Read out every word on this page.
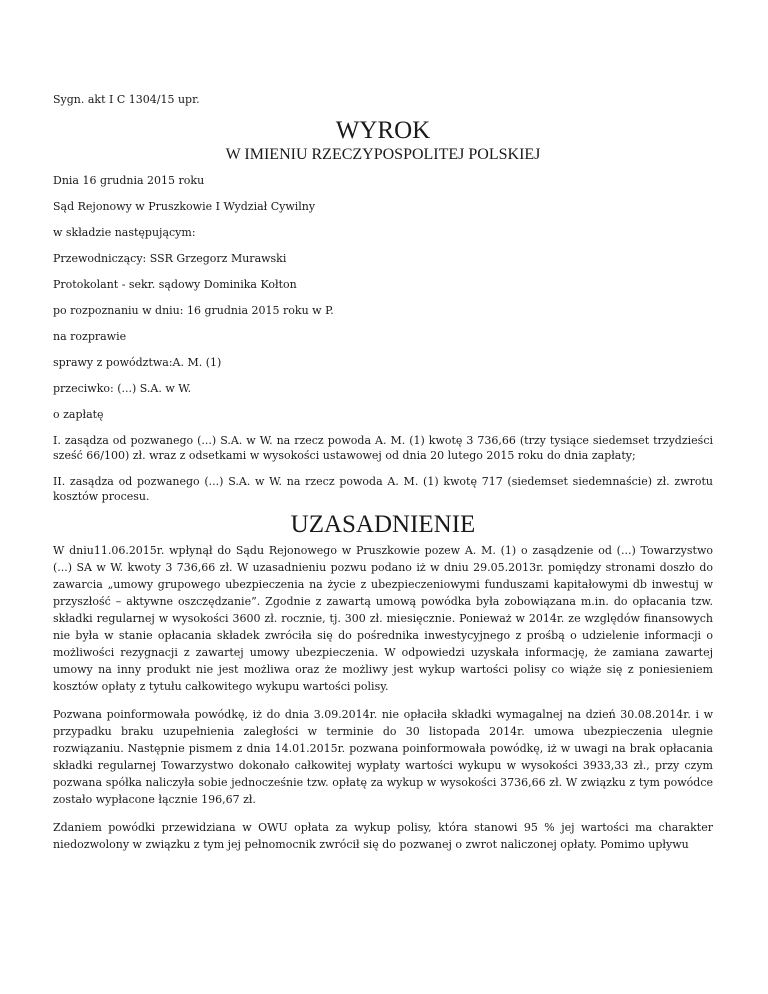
Sygn. akt I C 1304/15 upr.

WYROK
W IMIENIU RZECZYPOSPOLITEJ POLSKIEJ

Dnia 16 grudnia 2015 roku

Sąd Rejonowy w Pruszkowie I Wydział Cywilny

w składzie następującym:

Przewodniczący: SSR Grzegorz Murawski

Protokolant - sekr. sądowy Dominika Kołton

po rozpoznaniu w dniu: 16 grudnia 2015 roku w P.

na rozprawie

sprawy z powództwa:A. M. (1)

przeciwko: (...) S.A. w W.

o zapłatę

I. zasądza od pozwanego (...) S.A. w W. na rzecz powoda A. M. (1) kwotę 3 736,66 (trzy tysiące siedemset trzydzieści sześć 66/100) zł. wraz z odsetkami w wysokości ustawowej od dnia 20 lutego 2015 roku do dnia zapłaty;

II. zasądza od pozwanego (...) S.A. w W. na rzecz powoda A. M. (1) kwotę 717 (siedemset siedemnaście) zł. zwrotu kosztów procesu.

UZASADNIENIE

W dniu11.06.2015r. wpłynął do Sądu Rejonowego w Pruszkowie pozew A. M. (1) o zasądzenie od (...) Towarzystwo (...) SA w W. kwoty 3 736,66 zł. W uzasadnieniu pozwu podano iż w dniu 29.05.2013r. pomiędzy stronami doszło do zawarcia „umowy grupowego ubezpieczenia na życie z ubezpieczeniowymi funduszami kapitałowymi db inwestuj w przyszłość – aktywne oszczędzanie”. Zgodnie z zawartą umową powódka była zobowiązana m.in. do opłacania tzw. składki regularnej w wysokości 3600 zł. rocznie, tj. 300 zł. miesięcznie. Ponieważ w 2014r. ze względów finansowych nie była w stanie opłacania składek zwróciła się do pośrednika inwestycyjnego z prośbą o udzielenie informacji o możliwości rezygnacji z zawartej umowy ubezpieczenia. W odpowiedzi uzyskała informację, że zamiana zawartej umowy na inny produkt nie jest możliwa oraz że możliwy jest wykup wartości polisy co wiąże się z poniesieniem kosztów opłaty z tytułu całkowitego wykupu wartości polisy.

Pozwana poinformowała powódkę, iż do dnia 3.09.2014r. nie opłaciła składki wymagalnej na dzień 30.08.2014r. i w przypadku braku uzupełnienia zaległości w terminie do 30 listopada 2014r. umowa ubezpieczenia ulegnie rozwiązaniu. Następnie pismem z dnia 14.01.2015r. pozwana poinformowała powódkę, iż w uwagi na brak opłacania składki regularnej Towarzystwo dokonało całkowitej wypłaty wartości wykupu w wysokości 3933,33 zł., przy czym pozwana spółka naliczyła sobie jednocześnie tzw. opłatę za wykup w wysokości 3736,66 zł. W związku z tym powódce zostało wypłacone łącznie 196,67 zł.

Zdaniem powódki przewidziana w OWU opłata za wykup polisy, która stanowi 95 % jej wartości ma charakter niedozwolony w związku z tym jej pełnomocnik zwrócił się do pozwanej o zwrot naliczonej opłaty. Pomimo upływu
